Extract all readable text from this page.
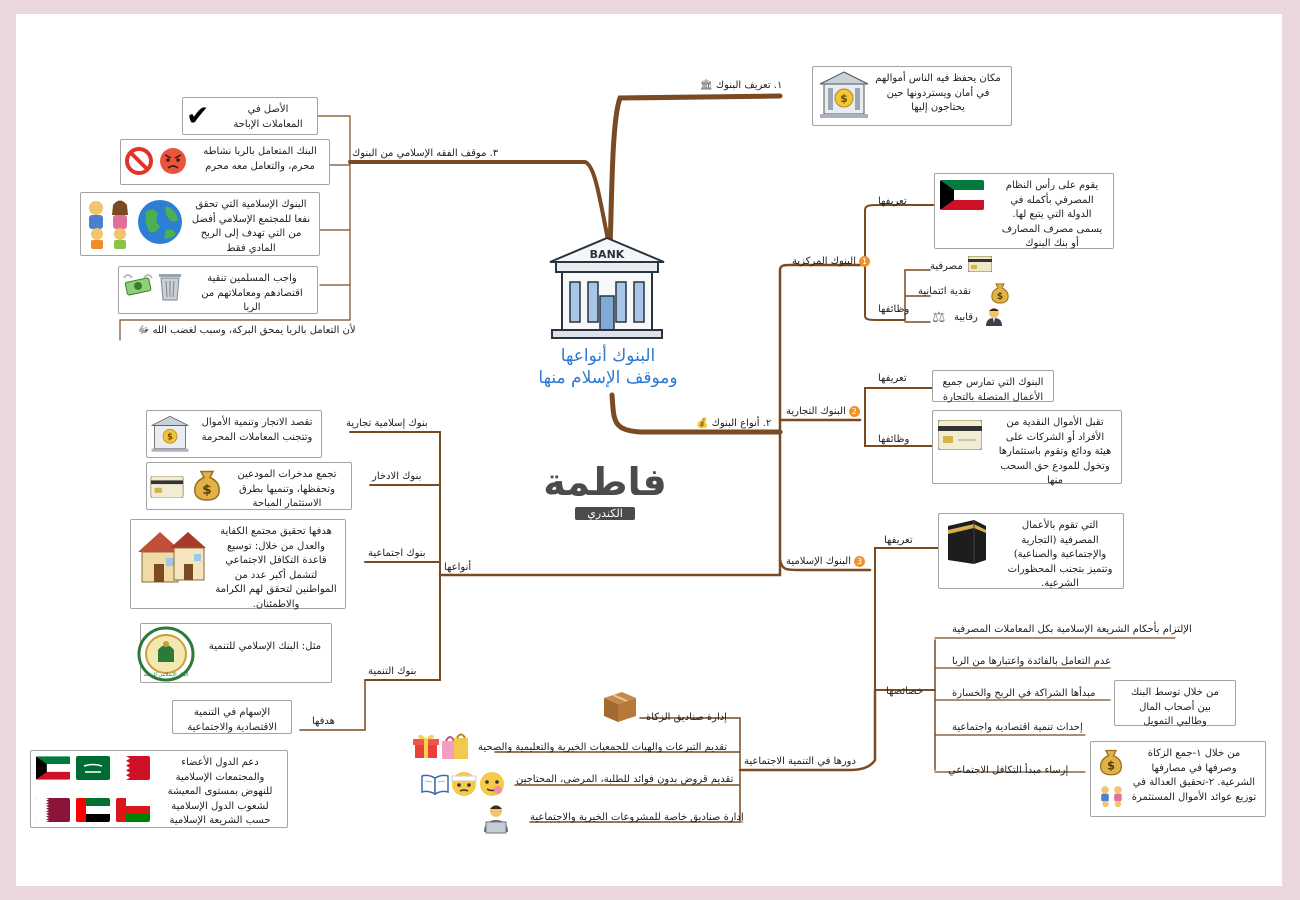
BANK
البنوك أنواعها
وموقف الإسلام منها
فاطمة
الكندري
١. تعريف البنوك 🏛
مكان يحفظ فيه الناس أموالهم في أمان ويستردونها حين يحتاجون إليها
$
٣. موقف الفقه الإسلامي من البنوك
الأصل في المعاملات الإباحة
✔
البنك المتعامل بالربا نشاطه محرم، والتعامل معه محرم
البنوك الإسلامية التي تحقق نفعا للمجتمع الإسلامي أفضل من التي تهدف إلى الربح المادي فقط
واجب المسلمين تنقية اقتصادهم ومعاملاتهم من الربا
لأن التعامل بالربا يمحق البركة، وسبب لغضب الله ﷻ
٢. أنواع البنوك 💰
1البنوك المركزية
تعريفها
يقوم على رأس النظام المصرفي بأكمله في الدولة التي يتبع لها. يسمى مصرف المصارف أو بنك البنوك
وظائفها
مصرفية
نقدية ائتمانية	$
رقابية
⚖
2البنوك التجارية
تعريفها	البنوك التي تمارس جميع الأعمال المتصلة بالتجارة
وظائفها
تقبل الأموال النقدية من الأفراد أو الشركات على هيئة ودائع وتقوم باستثمارها وتخول للمودع حق السحب منها
3البنوك الإسلامية
تعريفها
التي تقوم بالأعمال المصرفية (التجارية والإجتماعية والصناعية) وتتميز بتجنب المحظورات الشرعية.
خصائصها
الإلتزام بأحكام الشريعة الإسلامية بكل المعاملات المصرفية
عدم التعامل بالفائدة واعتبارها من الربا
مبدأها الشراكة في الربح والخسارة	من خلال توسط البنك بين أصحاب المال وطالبي التمويل
إحداث تنمية اقتصادية واجتماعية
إرساء مبدأ التكافل الاجتماعي
من خلال ١-جمع الزكاة وصرفها في مصارفها الشرعية. ٢-تحقيق العدالة في توزيع عوائد الأموال المستثمرة
$
دورها في التنمية الاجتماعية
إدارة صناديق الزكاة
تقديم التبرعات والهبات للجمعيات الخيرية والتعليمية والصحية
تقديم قروض بدون فوائد للطلبة، المرضى، المحتاجين
إدارة صناديق خاصة للمشروعات الخيرية والاجتماعية
أنواعها
بنوك إسلامية تجارية
تقصد الاتجار وتنمية الأموال وتتجنب المعاملات المحرمة
$
بنوك الادخار
تجمع مدخرات المودعين وتحفظها، وتنميها بطرق الاستثمار المباحة
$
بنوك اجتماعية
هدفها تحقيق مجتمع الكفاية والعدل من خلال: توسيع قاعدة التكافل الاجتماعي لتشمل أكبر عدد من المواطنين لتحقق لهم الكرامة والاطمئنان.
بنوك التنمية
مثل: البنك الإسلامي للتنمية
البنك الإسلامي للتنمية
هدفها
الإسهام في التنمية الاقتصادية والاجتماعية
دعم الدول الأعضاء والمجتمعات الإسلامية للنهوض بمستوى المعيشة لشعوب الدول الإسلامية حسب الشريعة الإسلامية
